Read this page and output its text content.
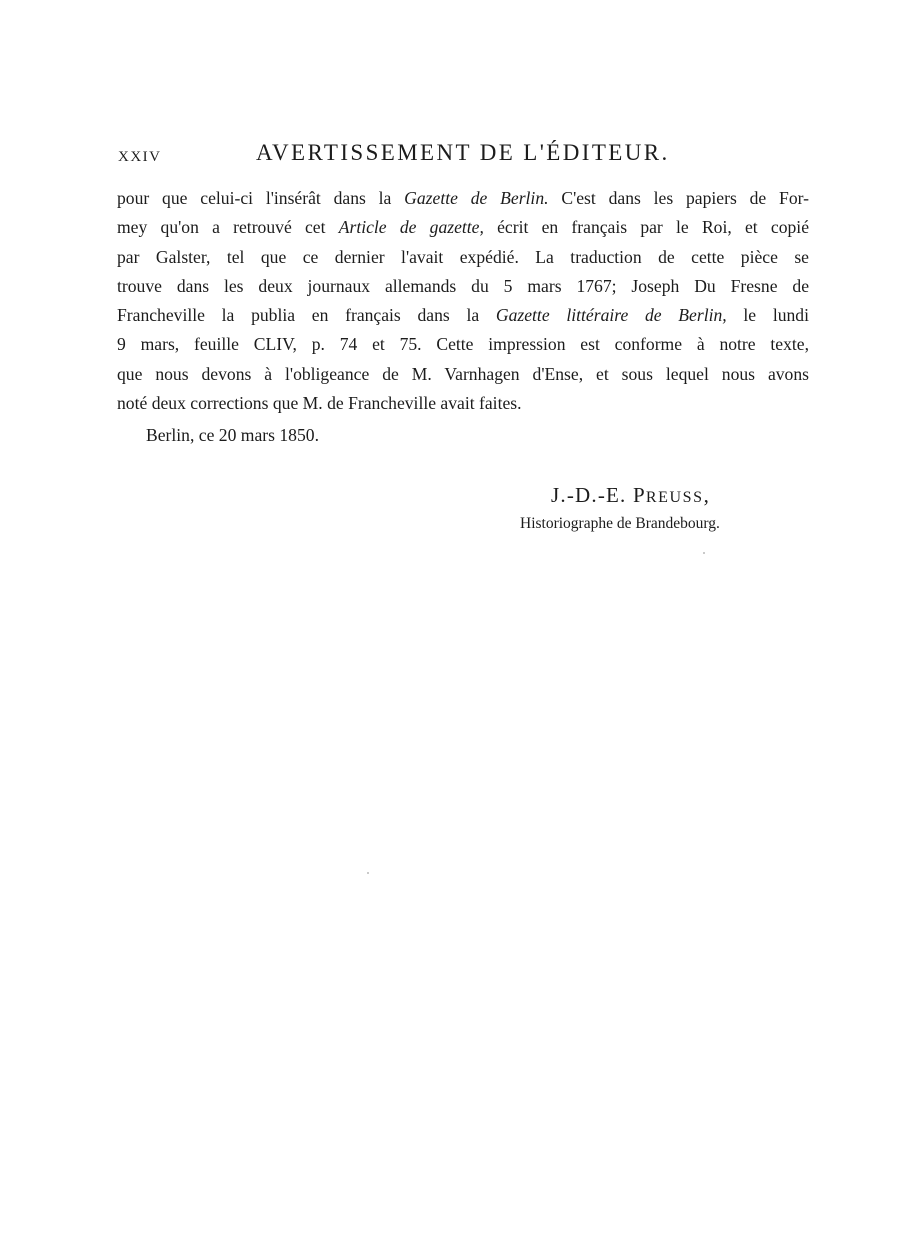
XXIV	AVERTISSEMENT DE L'ÉDITEUR.
pour que celui-ci l'insérât dans la Gazette de Berlin. C'est dans les papiers de For-
mey qu'on a retrouvé cet Article de gazette, écrit en français par le Roi, et copié
par Galster, tel que ce dernier l'avait expédié. La traduction de cette pièce se
trouve dans les deux journaux allemands du 5 mars 1767; Joseph Du Fresne de
Francheville la publia en français dans la Gazette littéraire de Berlin, le lundi
9 mars, feuille CLIV, p. 74 et 75. Cette impression est conforme à notre texte,
que nous devons à l'obligeance de M. Varnhagen d'Ense, et sous lequel nous avons
noté deux corrections que M. de Francheville avait faites.
Berlin, ce 20 mars 1850.
J.-D.-E. PREUSS,
Historiographe de Brandebourg.
